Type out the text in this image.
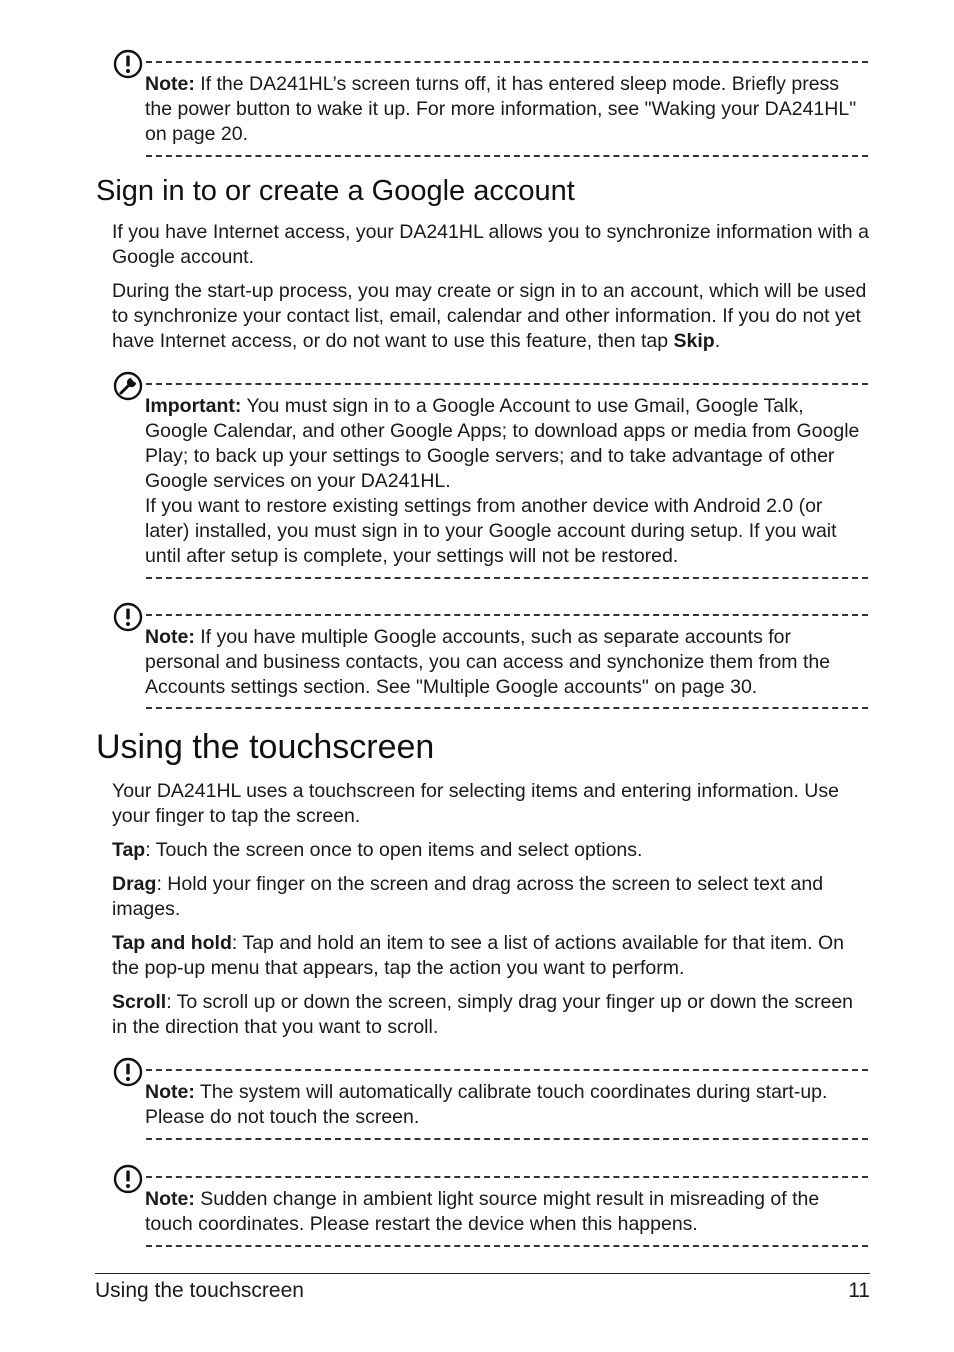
Note: If the DA241HL’s screen turns off, it has entered sleep mode. Briefly press the power button to wake it up. For more information, see "Waking your DA241HL" on page 20.

Sign in to or create a Google account

If you have Internet access, your DA241HL allows you to synchronize information with a Google account.

During the start-up process, you may create or sign in to an account, which will be used to synchronize your contact list, email, calendar and other information. If you do not yet have Internet access, or do not want to use this feature, then tap Skip.

Important: You must sign in to a Google Account to use Gmail, Google Talk, Google Calendar, and other Google Apps; to download apps or media from Google Play; to back up your settings to Google servers; and to take advantage of other Google services on your DA241HL.

If you want to restore existing settings from another device with Android 2.0 (or later) installed, you must sign in to your Google account during setup. If you wait until after setup is complete, your settings will not be restored.

Note: If you have multiple Google accounts, such as separate accounts for personal and business contacts, you can access and synchonize them from the Accounts settings section. See "Multiple Google accounts" on page 30.

Using the touchscreen

Your DA241HL uses a touchscreen for selecting items and entering information. Use your finger to tap the screen.

Tap: Touch the screen once to open items and select options.

Drag: Hold your finger on the screen and drag across the screen to select text and images.

Tap and hold: Tap and hold an item to see a list of actions available for that item. On the pop-up menu that appears, tap the action you want to perform.

Scroll: To scroll up or down the screen, simply drag your finger up or down the screen in the direction that you want to scroll.

Note: The system will automatically calibrate touch coordinates during start-up. Please do not touch the screen.

Note: Sudden change in ambient light source might result in misreading of the touch coordinates. Please restart the device when this happens.

Using the touchscreen	11
